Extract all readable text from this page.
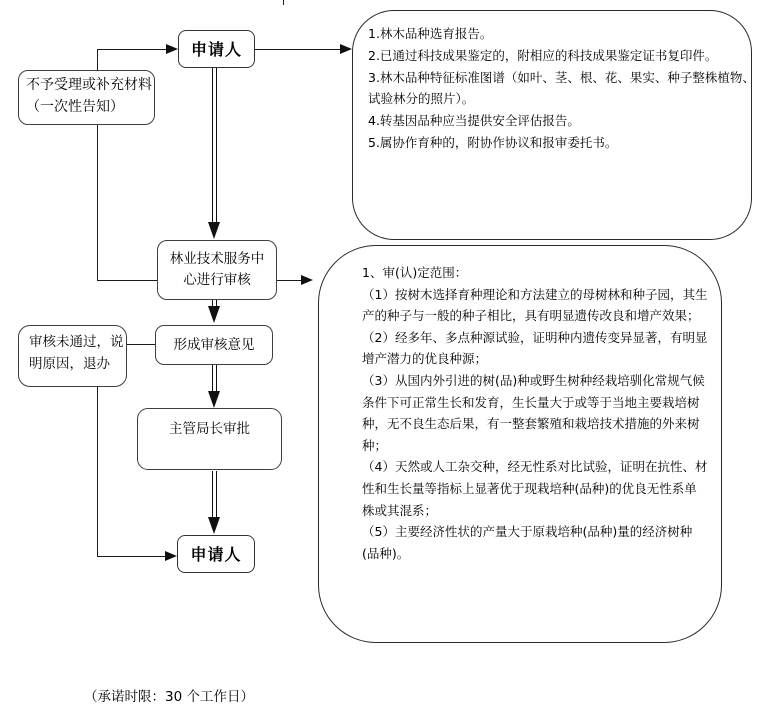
申请人
不予受理或补充材料
（一次性告知）
林业技术服务中
心进行审核
审核未通过，说
明原因，退办
形成审核意见
主管局长审批
申请人
1.林木品种选育报告。
2.已通过科技成果鉴定的，附相应的科技成果鉴定证书复印件。
3.林木品种特征标准图谱（如叶、茎、根、花、果实、种子整株植物、
试验林分的照片）。
4.转基因品种应当提供安全评估报告。
5.属协作育种的，附协作协议和报审委托书。
1、审(认)定范围：
（1）按树木选择育种理论和方法建立的母树林和种子园，其生
产的种子与一般的种子相比，具有明显遗传改良和增产效果；
（2）经多年、多点种源试验，证明种内遗传变异显著，有明显
增产潜力的优良种源；
（3）从国内外引进的树(品)种或野生树种经栽培驯化常规气候
条件下可正常生长和发育，生长量大于或等于当地主要栽培树
种，无不良生态后果，有一整套繁殖和栽培技术措施的外来树
种；
（4）天然或人工杂交种，经无性系对比试验，证明在抗性、材
性和生长量等指标上显著优于现栽培种(品种)的优良无性系单
株或其混系；
（5）主要经济性状的产量大于原栽培种(品种)量的经济树种
(品种)。
（承诺时限：30 个工作日）
